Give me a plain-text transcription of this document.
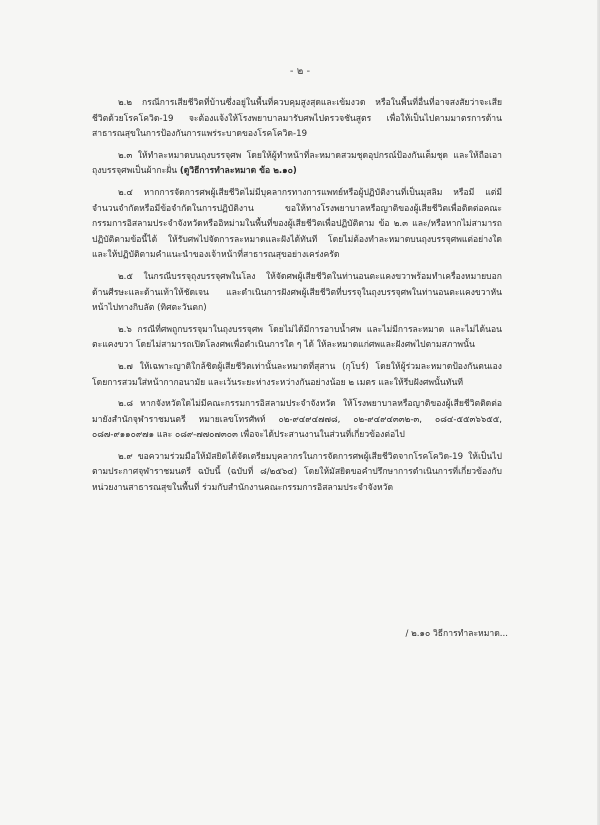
- ๒ -

๒.๒ กรณีการเสียชีวิตที่บ้านซึ่งอยู่ในพื้นที่ควบคุมสูงสุดและเข้มงวด หรือในพื้นที่อื่นที่อาจสงสัยว่าจะเสียชีวิตด้วยโรคโควิด-19 จะต้องแจ้งให้โรงพยาบาลมารับศพไปตรวจชันสูตร เพื่อให้เป็นไปตามมาตรการด้านสาธารณสุขในการป้องกันการแพร่ระบาดของโรคโควิด-19

๒.๓ ให้ทำละหมาดบนถุงบรรจุศพ โดยให้ผู้ทำหน้าที่ละหมาดสวมชุดอุปกรณ์ป้องกันเต็มชุด และให้ถือเอาถุงบรรจุศพเป็นผ้ากะฝั่น (ดูวิธีการทำละหมาด ข้อ ๒.๑๐)

๒.๔ หากการจัดการศพผู้เสียชีวิตไม่มีบุคลากรทางการแพทย์หรือผู้ปฏิบัติงานที่เป็นมุสลิม หรือมี แต่มีจำนวนจำกัดหรือมีข้อจำกัดในการปฏิบัติงาน ขอให้ทางโรงพยาบาลหรือญาติของผู้เสียชีวิตเพื่อติดต่อคณะกรรมการอิสลามประจำจังหวัดหรืออิหม่ามในพื้นที่ของผู้เสียชีวิตเพื่อปฏิบัติตาม ข้อ ๒.๓ และ/หรือหากไม่สามารถปฏิบัติตามข้อนี้ได้ ให้รับศพไปจัดการละหมาดและฝังได้ทันที โดยไม่ต้องทำละหมาดบนถุงบรรจุศพแต่อย่างใด และให้ปฏิบัติตามคำแนะนำของเจ้าหน้าที่สาธารณสุขอย่างเคร่งครัด

๒.๕ ในกรณีบรรจุถุงบรรจุศพในโลง ให้จัดศพผู้เสียชีวิตในท่านอนตะแคงขวาพร้อมทำเครื่องหมายบอกด้านศีรษะและด้านเท้าให้ชัดเจน และดำเนินการฝังศพผู้เสียชีวิตที่บรรจุในถุงบรรจุศพในท่านอนตะแคงขวาหันหน้าไปทางกิบลัต (ทิศตะวันตก)

๒.๖ กรณีที่ศพถูกบรรจุมาในถุงบรรจุศพ โดยไม่ได้มีการอาบน้ำศพ และไม่มีการละหมาด และไม่ได้นอนตะแคงขวา โดยไม่สามารถเปิดโลงศพเพื่อดำเนินการใด ๆ ได้ ให้ละหมาดแก่ศพและฝังศพไปตามสภาพนั้น

๒.๗ ให้เฉพาะญาติใกล้ชิดผู้เสียชีวิตเท่านั้นละหมาดที่สุสาน (กุโบร์) โดยให้ผู้ร่วมละหมาดป้องกันตนเองโดยการสวมใส่หน้ากากอนามัย และเว้นระยะห่างระหว่างกันอย่างน้อย ๒ เมตร และให้รีบฝังศพนั้นทันที

๒.๘ หากจังหวัดใดไม่มีคณะกรรมการอิสลามประจำจังหวัด ให้โรงพยาบาลหรือญาติของผู้เสียชีวิตติดต่อมายังสำนักจุฬาราชมนตรี หมายเลขโทรศัพท์ ๐๒-๙๔๙๔๗๗๘, ๐๒-๙๔๙๔๓๓๒-๓, ๐๘๔-๕๕๓๖๖๕๕, ๐๘๗-๙๑๑๐๙๗๑ และ ๐๘๙-๗๗๐๗๓๐๓ เพื่อจะได้ประสานงานในส่วนที่เกี่ยวข้องต่อไป

๒.๙ ขอความร่วมมือให้มัสยิดได้จัดเตรียมบุคลากรในการจัดการศพผู้เสียชีวิตจากโรคโควิด-19 ให้เป็นไปตามประกาศจุฬาราชมนตรี ฉบับนี้ (ฉบับที่ ๘/๒๕๖๔) โดยให้มัสยิดขอคำปรึกษาการดำเนินการที่เกี่ยวข้องกับหน่วยงานสาธารณสุขในพื้นที่ ร่วมกับสำนักงานคณะกรรมการอิสลามประจำจังหวัด

/ ๒.๑๐ วิธีการทำละหมาด...
